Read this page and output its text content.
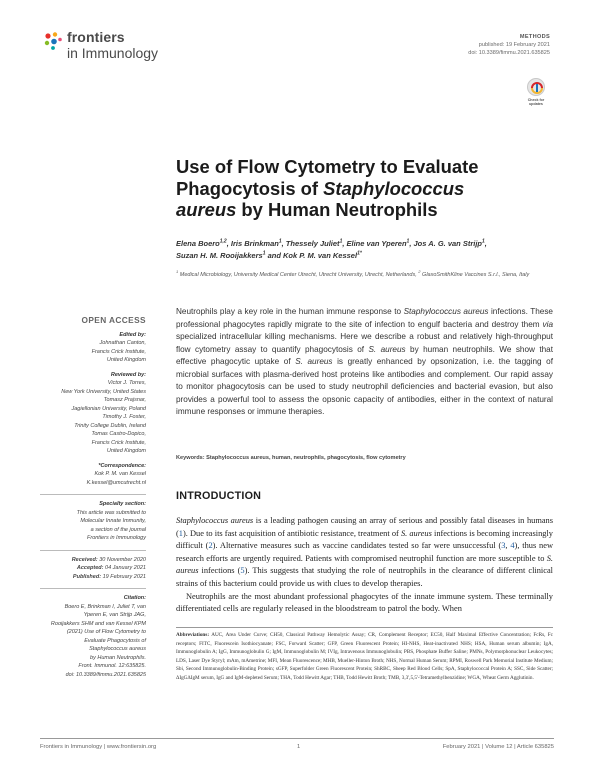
frontiers
in Immunology
METHODS
published: 19 February 2021
doi: 10.3389/fimmu.2021.635825
Check for
updates
Use of Flow Cytometry to Evaluate
Phagocytosis of Staphylococcus
aureus by Human Neutrophils
Elena Boero$^{1,2}$, Iris Brinkman$^1$, Thessely Juliet$^1$, Eline van Yperen$^1$, Jos A. G. van Strijp$^1$,
Suzan H. M. Rooijakkers$^1$ and Kok P. M. van Kessel$^{1*}$
$^1$ Medical Microbiology, University Medical Center Utrecht, Utrecht University, Utrecht, Netherlands, $^2$ GlaxoSmithKline Vaccines S.r.l., Siena, Italy
Neutrophils play a key role in the human immune response to Staphylococcus aureus infections. These professional phagocytes rapidly migrate to the site of infection to engulf bacteria and destroy them via specialized intracellular killing mechanisms. Here we describe a robust and relatively high-throughput flow cytometry assay to quantify phagocytosis of S. aureus by human neutrophils. We show that effective phagocytic uptake of S. aureus is greatly enhanced by opsonization, i.e. the tagging of microbial surfaces with plasma-derived host proteins like antibodies and complement. Our rapid assay to monitor phagocytosis can be used to study neutrophil deficiencies and bacterial evasion, but also provides a powerful tool to assess the opsonic capacity of antibodies, either in the context of natural immune responses or immune therapies.
Keywords: Staphylococcus aureus, human, neutrophils, phagocytosis, flow cytometry
OPEN ACCESS
Edited by:
Johnathan Canton,
Francis Crick Institute,
United Kingdom
Reviewed by:
Victor J. Torres,
New York University, United States
Tomasz Prajsnar,
Jagiellonian University, Poland
Timothy J. Foster,
Trinity College Dublin, Ireland
Tomas Castro-Dopico,
Francis Crick Institute,
United Kingdom
*Correspondence:
Kok P. M. van Kessel
K.kessel@umcutrecht.nl
Specialty section:
This article was submitted to
Molecular Innate Immunity,
a section of the journal
Frontiers in Immunology
Received: 30 November 2020
Accepted: 04 January 2021
Published: 19 February 2021
Citation:
Boero E, Brinkman I, Juliet T, van
Yperen E, van Strijp JAG,
Rooijakkers SHM and van Kessel KPM
(2021) Use of Flow Cytometry to
Evaluate Phagocytosis of
Staphylococcus aureus
by Human Neutrophils.
Front. Immunol. 12:635825.
doi: 10.3389/fimmu.2021.635825
INTRODUCTION

Staphylococcus aureus is a leading pathogen causing an array of serious and possibly fatal diseases in humans (1). Due to its fast acquisition of antibiotic resistance, treatment of S. aureus infections is becoming increasingly difficult (2). Alternative measures such as vaccine candidates tested so far were unsuccessful (3, 4), thus new research efforts are urgently required. Patients with compromised neutrophil function are more susceptible to S. aureus infections (5). This suggests that studying the role of neutrophils in the clearance of different clinical strains of this bacterium could provide us with clues to develop therapies.

Neutrophils are the most abundant professional phagocytes of the innate immune system. These terminally differentiated cells are regularly released in the bloodstream to patrol the body. When

Abbreviations: AUC, Area Under Curve; CH50, Classical Pathway Hemolytic Assay; CR, Complement Receptor; EC50, Half Maximal Effective Concentration; FcRs, Fc receptors; FITC, Fluorescein Isothiocyanate; FSC, Forward Scatter; GFP, Green Fluorescent Protein; HI-NHS, Heat-inactivated NHS; HSA, Human serum albumin; IgA, Immunoglobulin A; IgG, Immunoglobulin G; IgM, Immunoglobulin M; IVIg, Intravenous Immunoglobulin; PBS, Phosphate Buffer Saline; PMNs, Polymorphonuclear Leukocytes; LDS, Laser Dye Styryl; mAm, mAmetrine; MFI, Mean Fluorescence; MHB, Mueller-Hinton Broth; NHS, Normal Human Serum; RPMI, Roswell Park Memorial Institute Medium; Sbi, Second Immunoglobulin-Binding Protein; sGFP, Superfolder Green Fluorescent Protein; ShRBC, Sheep Red Blood Cells; SpA, Staphylococcal Protein A; SSC, Side Scatter; ΔIgGΔIgM serum, IgG and IgM-depleted Serum; THA, Todd Hewitt Agar; THB, Todd Hewitt Broth; TMB, 3,3',5,5'-Tetramethylbenzidine; WGA, Wheat Germ Agglutinin.
Frontiers in Immunology | www.frontiersin.org	1	February 2021 | Volume 12 | Article 635825
